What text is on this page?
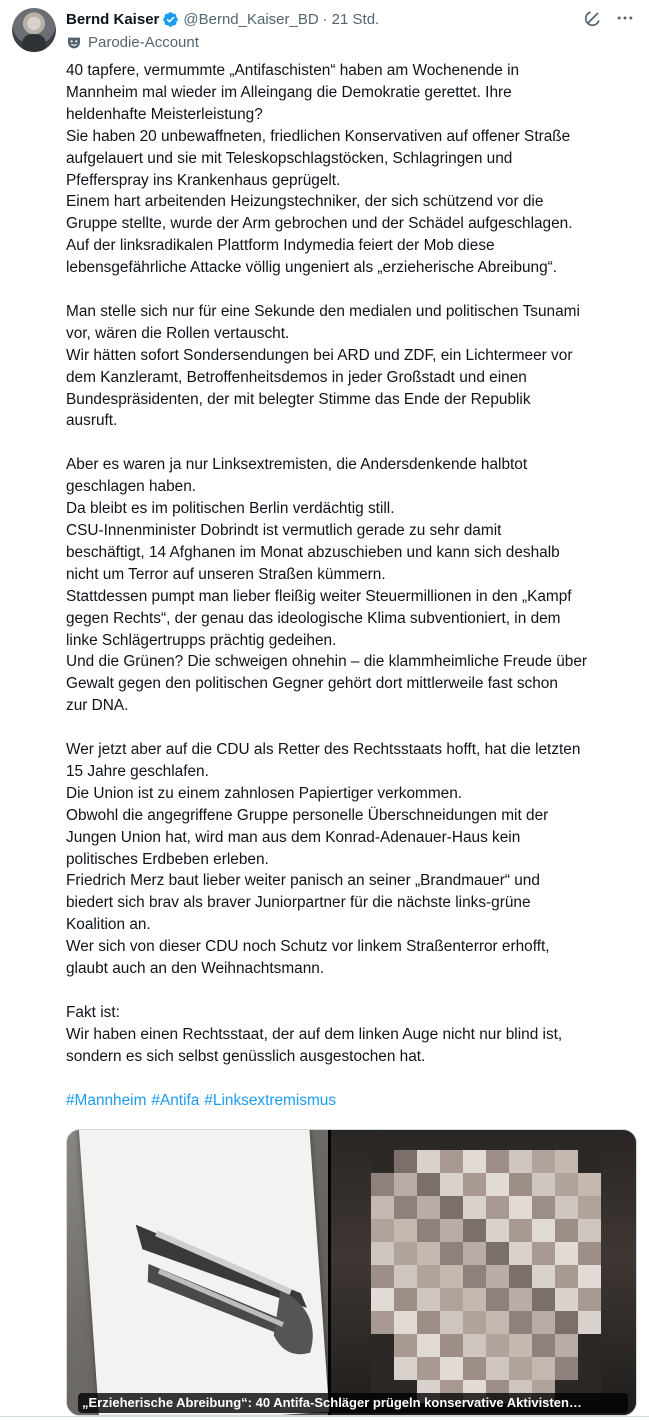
Bernd Kaiser @Bernd_Kaiser_BD · 21 Std.
Parodie-Account

40 tapfere, vermummte „Antifaschisten“ haben am Wochenende in

Mannheim mal wieder im Alleingang die Demokratie gerettet. Ihre

heldenhafte Meisterleistung?

Sie haben 20 unbewaffneten, friedlichen Konservativen auf offener Straße

aufgelauert und sie mit Teleskopschlagstöcken, Schlagringen und

Pfefferspray ins Krankenhaus geprügelt.

Einem hart arbeitenden Heizungstechniker, der sich schützend vor die

Gruppe stellte, wurde der Arm gebrochen und der Schädel aufgeschlagen.

Auf der linksradikalen Plattform Indymedia feiert der Mob diese

lebensgefährliche Attacke völlig ungeniert als „erzieherische Abreibung“.

Man stelle sich nur für eine Sekunde den medialen und politischen Tsunami

vor, wären die Rollen vertauscht.

Wir hätten sofort Sondersendungen bei ARD und ZDF, ein Lichtermeer vor

dem Kanzleramt, Betroffenheitsdemos in jeder Großstadt und einen

Bundespräsidenten, der mit belegter Stimme das Ende der Republik

ausruft.

Aber es waren ja nur Linksextremisten, die Andersdenkende halbtot

geschlagen haben.

Da bleibt es im politischen Berlin verdächtig still.

CSU-Innenminister Dobrindt ist vermutlich gerade zu sehr damit

beschäftigt, 14 Afghanen im Monat abzuschieben und kann sich deshalb

nicht um Terror auf unseren Straßen kümmern.

Stattdessen pumpt man lieber fleißig weiter Steuermillionen in den „Kampf

gegen Rechts“, der genau das ideologische Klima subventioniert, in dem

linke Schlägertrupps prächtig gedeihen.

Und die Grünen? Die schweigen ohnehin – die klammheimliche Freude über

Gewalt gegen den politischen Gegner gehört dort mittlerweile fast schon

zur DNA.

Wer jetzt aber auf die CDU als Retter des Rechtsstaats hofft, hat die letzten

15 Jahre geschlafen.

Die Union ist zu einem zahnlosen Papiertiger verkommen.

Obwohl die angegriffene Gruppe personelle Überschneidungen mit der

Jungen Union hat, wird man aus dem Konrad-Adenauer-Haus kein

politisches Erdbeben erleben.

Friedrich Merz baut lieber weiter panisch an seiner „Brandmauer“ und

biedert sich brav als braver Juniorpartner für die nächste links-grüne

Koalition an.

Wer sich von dieser CDU noch Schutz vor linkem Straßenterror erhofft,

glaubt auch an den Weihnachtsmann.

Fakt ist:

Wir haben einen Rechtsstaat, der auf dem linken Auge nicht nur blind ist,

sondern es sich selbst genüsslich ausgestochen hat.

#Mannheim #Antifa #Linksextremismus

„Erzieherische Abreibung“: 40 Antifa-Schläger prügeln konservative Aktivisten…
